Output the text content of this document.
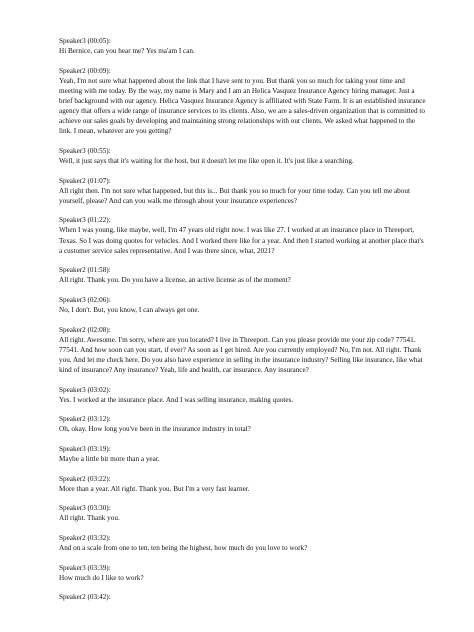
Speaker3 (00:05):
Hi Bernice, can you hear me? Yes ma'am I can.
Speaker2 (00:09):
Yeah, I'm not sure what happened about the link that I have sent to you. But thank you so much for taking your time and meeting with me today. By the way, my name is Mary and I am an Helica Vasquez Insurance Agency hiring manager. Just a brief background with our agency. Helica Vasquez Insurance Agency is affiliated with State Farm. It is an established insurance agency that offers a wide range of insurance services to its clients. Also, we are a sales-driven organization that is committed to achieve our sales goals by developing and maintaining strong relationships with our clients. We asked what happened to the link. I mean, whatever are you getting?
Speaker3 (00:55):
Well, it just says that it's waiting for the host, but it doesn't let me like open it. It's just like a searching.
Speaker2 (01:07):
All right then. I'm not sure what happened, but this is... But thank you so much for your time today. Can you tell me about yourself, please? And can you walk me through about your insurance experiences?
Speaker3 (01:22):
When I was young, like maybe, well, I'm 47 years old right now. I was like 27. I worked at an insurance place in Threeport, Texas. So I was doing quotes for vehicles. And I worked there like for a year. And then I started working at another place that's a customer service sales representative. And I was there since, what, 2021?
Speaker2 (01:58):
All right. Thank you. Do you have a license, an active license as of the moment?
Speaker3 (02:06):
No, I don't. But, you know, I can always get one.
Speaker2 (02:08):
All right. Awesome. I'm sorry, where are you located? I live in Threeport. Can you please provide me your zip code? 77541. 77541. And how soon can you start, if ever? As soon as I get hired. Are you currently employed? No, I'm not. All right. Thank you. And let me check here. Do you also have experience in selling in the insurance industry? Selling like insurance, like what kind of insurance? Any insurance? Yeah, life and health, car insurance. Any insurance?
Speaker3 (03:02):
Yes. I worked at the insurance place. And I was selling insurance, making quotes.
Speaker2 (03:12):
Oh, okay. How long you've been in the insurance industry in total?
Speaker3 (03:19):
Maybe a little bit more than a year.
Speaker2 (03:22):
More than a year. All right. Thank you. But I'm a very fast learner.
Speaker3 (03:30):
All right. Thank you.
Speaker2 (03:32):
And on a scale from one to ten, ten being the highest, how much do you love to work?
Speaker3 (03:39):
How much do I like to work?
Speaker2 (03:42):
